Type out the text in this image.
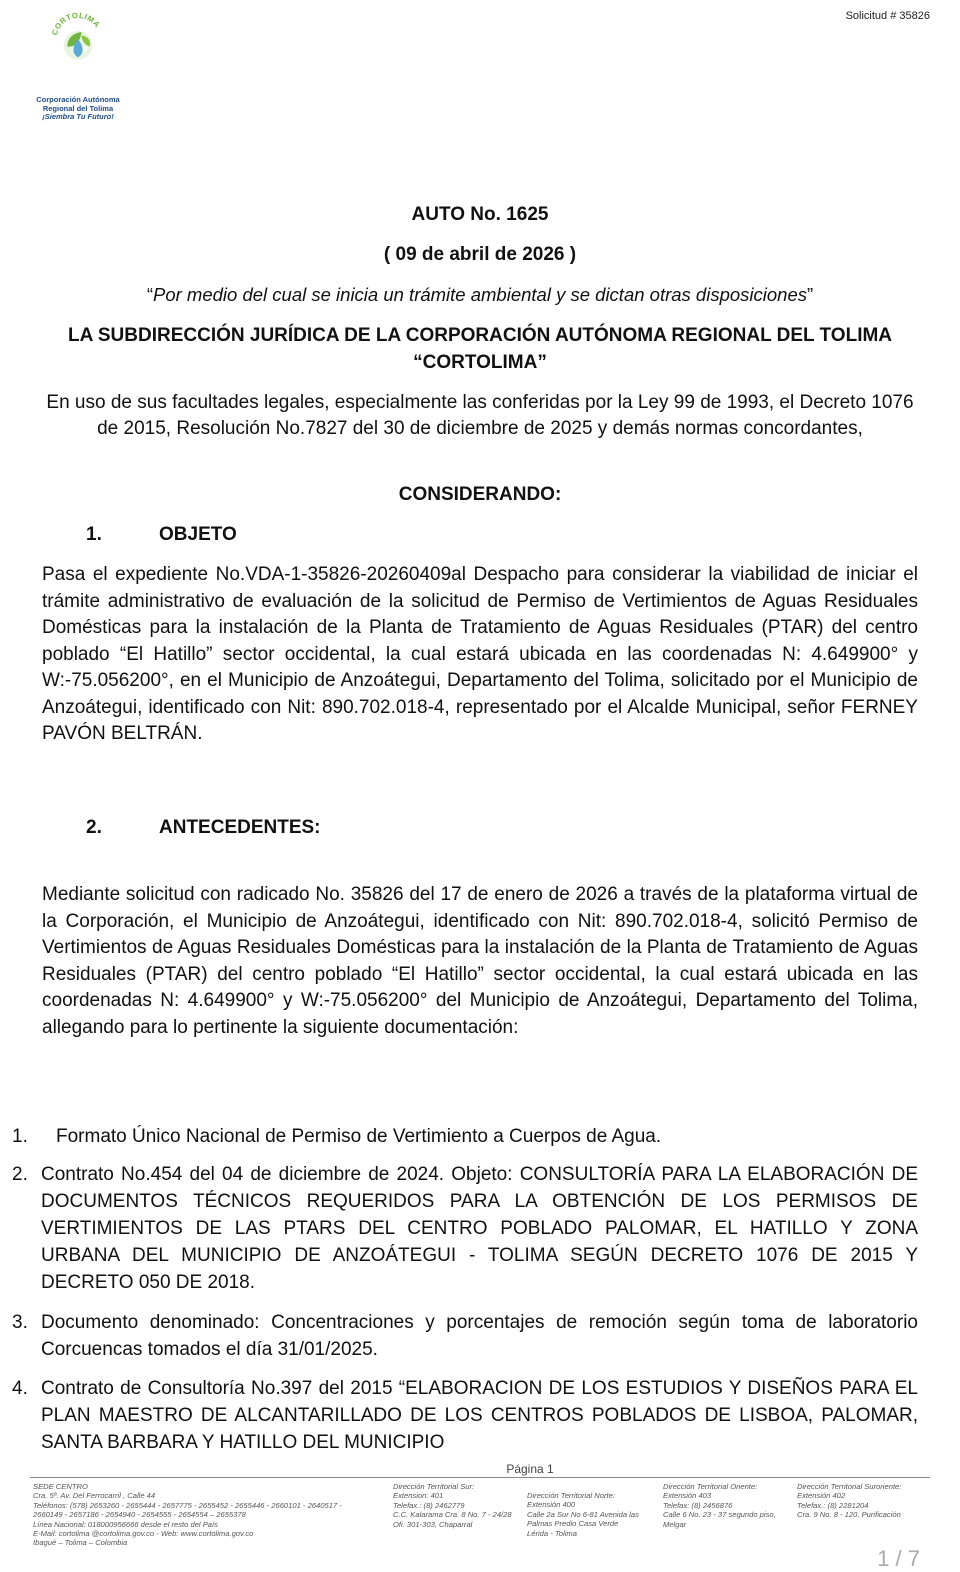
Solicitud # 35826
CORTOLIMA
Corporación Autónoma
Regional del Tolima
¡Siembra Tu Futuro!
AUTO No. 1625
( 09 de abril de 2026 )
“Por medio del cual se inicia un trámite ambiental y se dictan otras disposiciones”
LA SUBDIRECCIÓN JURÍDICA DE LA CORPORACIÓN AUTÓNOMA REGIONAL DEL TOLIMA “CORTOLIMA”
En uso de sus facultades legales, especialmente las conferidas por la Ley 99 de 1993, el Decreto 1076 de 2015, Resolución No.7827 del 30 de diciembre de 2025 y demás normas concordantes,
CONSIDERANDO:
1.	OBJETO
Pasa el expediente No.VDA-1-35826-20260409al Despacho para considerar la viabilidad de iniciar el trámite administrativo de evaluación de la solicitud de Permiso de Vertimientos de Aguas Residuales Domésticas para la instalación de la Planta de Tratamiento de Aguas Residuales (PTAR) del centro poblado “El Hatillo” sector occidental, la cual estará ubicada en las coordenadas N: 4.649900° y W:-75.056200°, en el Municipio de Anzoátegui, Departamento del Tolima, solicitado por el Municipio de Anzoátegui, identificado con Nit: 890.702.018-4, representado por el Alcalde Municipal, señor FERNEY PAVÓN BELTRÁN.
2.	ANTECEDENTES:
Mediante solicitud con radicado No. 35826 del 17 de enero de 2026 a través de la plataforma virtual de la Corporación, el Municipio de Anzoátegui, identificado con Nit: 890.702.018-4, solicitó Permiso de Vertimientos de Aguas Residuales Domésticas para la instalación de la Planta de Tratamiento de Aguas Residuales (PTAR) del centro poblado “El Hatillo” sector occidental, la cual estará ubicada en las coordenadas N: 4.649900° y W:-75.056200° del Municipio de Anzoátegui, Departamento del Tolima, allegando para lo pertinente la siguiente documentación:
1. Formato Único Nacional de Permiso de Vertimiento a Cuerpos de Agua.
2. Contrato No.454 del 04 de diciembre de 2024. Objeto: CONSULTORÍA PARA LA ELABORACIÓN DE DOCUMENTOS TÉCNICOS REQUERIDOS PARA LA OBTENCIÓN DE LOS PERMISOS DE VERTIMIENTOS DE LAS PTARS DEL CENTRO POBLADO PALOMAR, EL HATILLO Y ZONA URBANA DEL MUNICIPIO DE ANZOÁTEGUI - TOLIMA SEGÚN DECRETO 1076 DE 2015 Y DECRETO 050 DE 2018.
3. Documento denominado: Concentraciones y porcentajes de remoción según toma de laboratorio Corcuencas tomados el día 31/01/2025.
4. Contrato de Consultoría No.397 del 2015 “ELABORACION DE LOS ESTUDIOS Y DISEÑOS PARA EL PLAN MAESTRO DE ALCANTARILLADO DE LOS CENTROS POBLADOS DE LISBOA, PALOMAR, SANTA BARBARA Y HATILLO DEL MUNICIPIO
Página 1
SEDE CENTRO
Cra. 5ª. Av. Del Ferrocarril , Calle 44
Teléfonos: (578) 2653260 - 2655444 - 2657775 - 2655452 - 2655446 - 2660101 - 2640517 -
2660149 - 2657186 - 2654940 - 2654555 - 2654554 – 2655378
Línea Nacional: 018000956666 desde el resto del País
E-Mail: cortolima @cortolima.gov.co - Web: www.cortolima.gov.co
Ibagué – Tolima – Colombia
Dirección Territorial Sur:
Extension: 401
Telefax.: (8) 2462779
C.C. Kalarama Cra. 8 No. 7 - 24/28
Ofi. 301-303, Chaparral
Dirección Territorial Norte:
Extensión 400
Calle 2a Sur No 6-81 Avenida las
Palmas Predio Casa Verde
Lérida - Tolima
Dirección Territorial Oriente:
Extensión 403
Telefax: (8) 2456876
Calle 6 No. 23 - 37 segundo piso,
Melgar
Dirección Territorial Suroriente:
Extensión 402
Telefax.: (8) 2281204
Cra. 9 No. 8 - 120, Purificación
1 / 7
